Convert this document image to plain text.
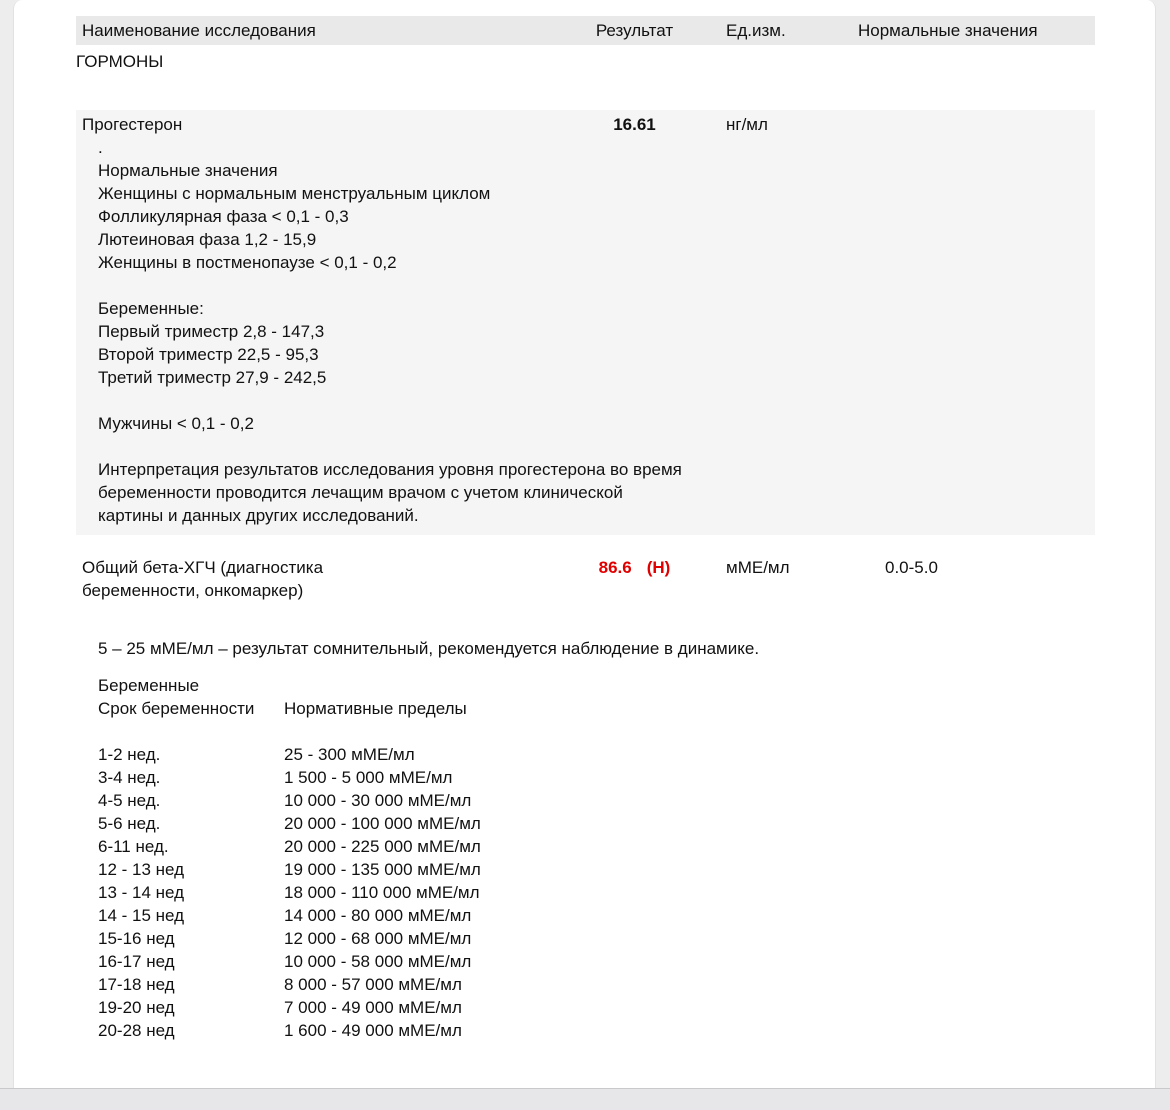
Наименование исследования	Результат	Ед.изм.	Нормальные значения
ГОРМОНЫ
Прогестерон	16.61	нг/мл
.
Нормальные значения
Женщины с нормальным менструальным циклом
Фолликулярная фаза < 0,1 - 0,3
Лютеиновая фаза 1,2 - 15,9
Женщины в постменопаузе < 0,1 - 0,2
Беременные:
Первый триместр 2,8 - 147,3
Второй триместр 22,5 - 95,3
Третий триместр 27,9 - 242,5
Мужчины < 0,1 - 0,2
Интерпретация результатов исследования уровня прогестерона во время беременности проводится лечащим врачом с учетом клинической картины и данных других исследований.
Общий бета-ХГЧ (диагностика беременности, онкомаркер)
86.6 (Н)	мМЕ/мл	0.0-5.0
5 – 25 мМЕ/мл – результат сомнительный, рекомендуется наблюдение в динамике.
Беременные
Срок беременности	Нормативные пределы
1-2 нед.	25 - 300 мМЕ/мл
3-4 нед.	1 500 - 5 000 мМЕ/мл
4-5 нед.	10 000 - 30 000 мМЕ/мл
5-6 нед.	20 000 - 100 000 мМЕ/мл
6-11 нед.	20 000 - 225 000 мМЕ/мл
12 - 13 нед	19 000 - 135 000 мМЕ/мл
13 - 14 нед	18 000 - 110 000 мМЕ/мл
14 - 15 нед	14 000 - 80 000 мМЕ/мл
15-16 нед	12 000 - 68 000 мМЕ/мл
16-17 нед	10 000 - 58 000 мМЕ/мл
17-18 нед	8 000 - 57 000 мМЕ/мл
19-20 нед	7 000 - 49 000 мМЕ/мл
20-28 нед	1 600 - 49 000 мМЕ/мл
